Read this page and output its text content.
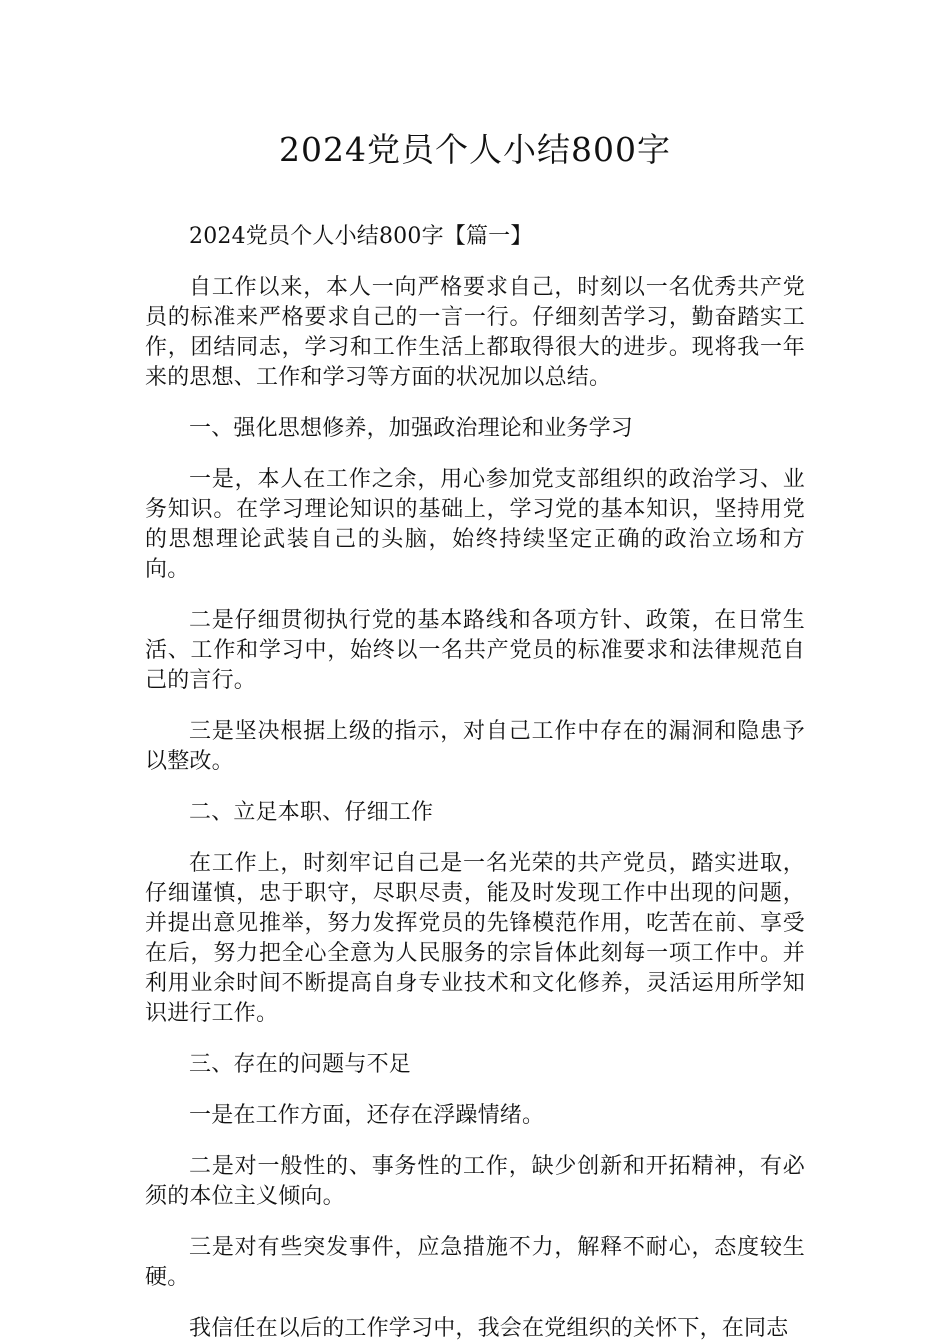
2024党员个人小结800字

2024党员个人小结800字【篇一】

自工作以来，本人一向严格要求自己，时刻以一名优秀共产党员的标准来严格要求自己的一言一行。仔细刻苦学习，勤奋踏实工作，团结同志，学习和工作生活上都取得很大的进步。现将我一年来的思想、工作和学习等方面的状况加以总结。

一、强化思想修养，加强政治理论和业务学习

一是，本人在工作之余，用心参加党支部组织的政治学习、业务知识。在学习理论知识的基础上，学习党的基本知识，坚持用党的思想理论武装自己的头脑，始终持续坚定正确的政治立场和方向。

二是仔细贯彻执行党的基本路线和各项方针、政策，在日常生活、工作和学习中，始终以一名共产党员的标准要求和法律规范自己的言行。

三是坚决根据上级的指示，对自己工作中存在的漏洞和隐患予以整改。

二、立足本职、仔细工作

在工作上，时刻牢记自己是一名光荣的共产党员，踏实进取，仔细谨慎，忠于职守，尽职尽责，能及时发现工作中出现的问题，并提出意见推举，努力发挥党员的先锋模范作用，吃苦在前、享受在后，努力把全心全意为人民服务的宗旨体此刻每一项工作中。并利用业余时间不断提高自身专业技术和文化修养，灵活运用所学知识进行工作。

三、存在的问题与不足

一是在工作方面，还存在浮躁情绪。

二是对一般性的、事务性的工作，缺少创新和开拓精神，有必须的本位主义倾向。

三是对有些突发事件，应急措施不力，解释不耐心，态度较生硬。

我信任在以后的工作学习中，我会在党组织的关怀下，在同志
